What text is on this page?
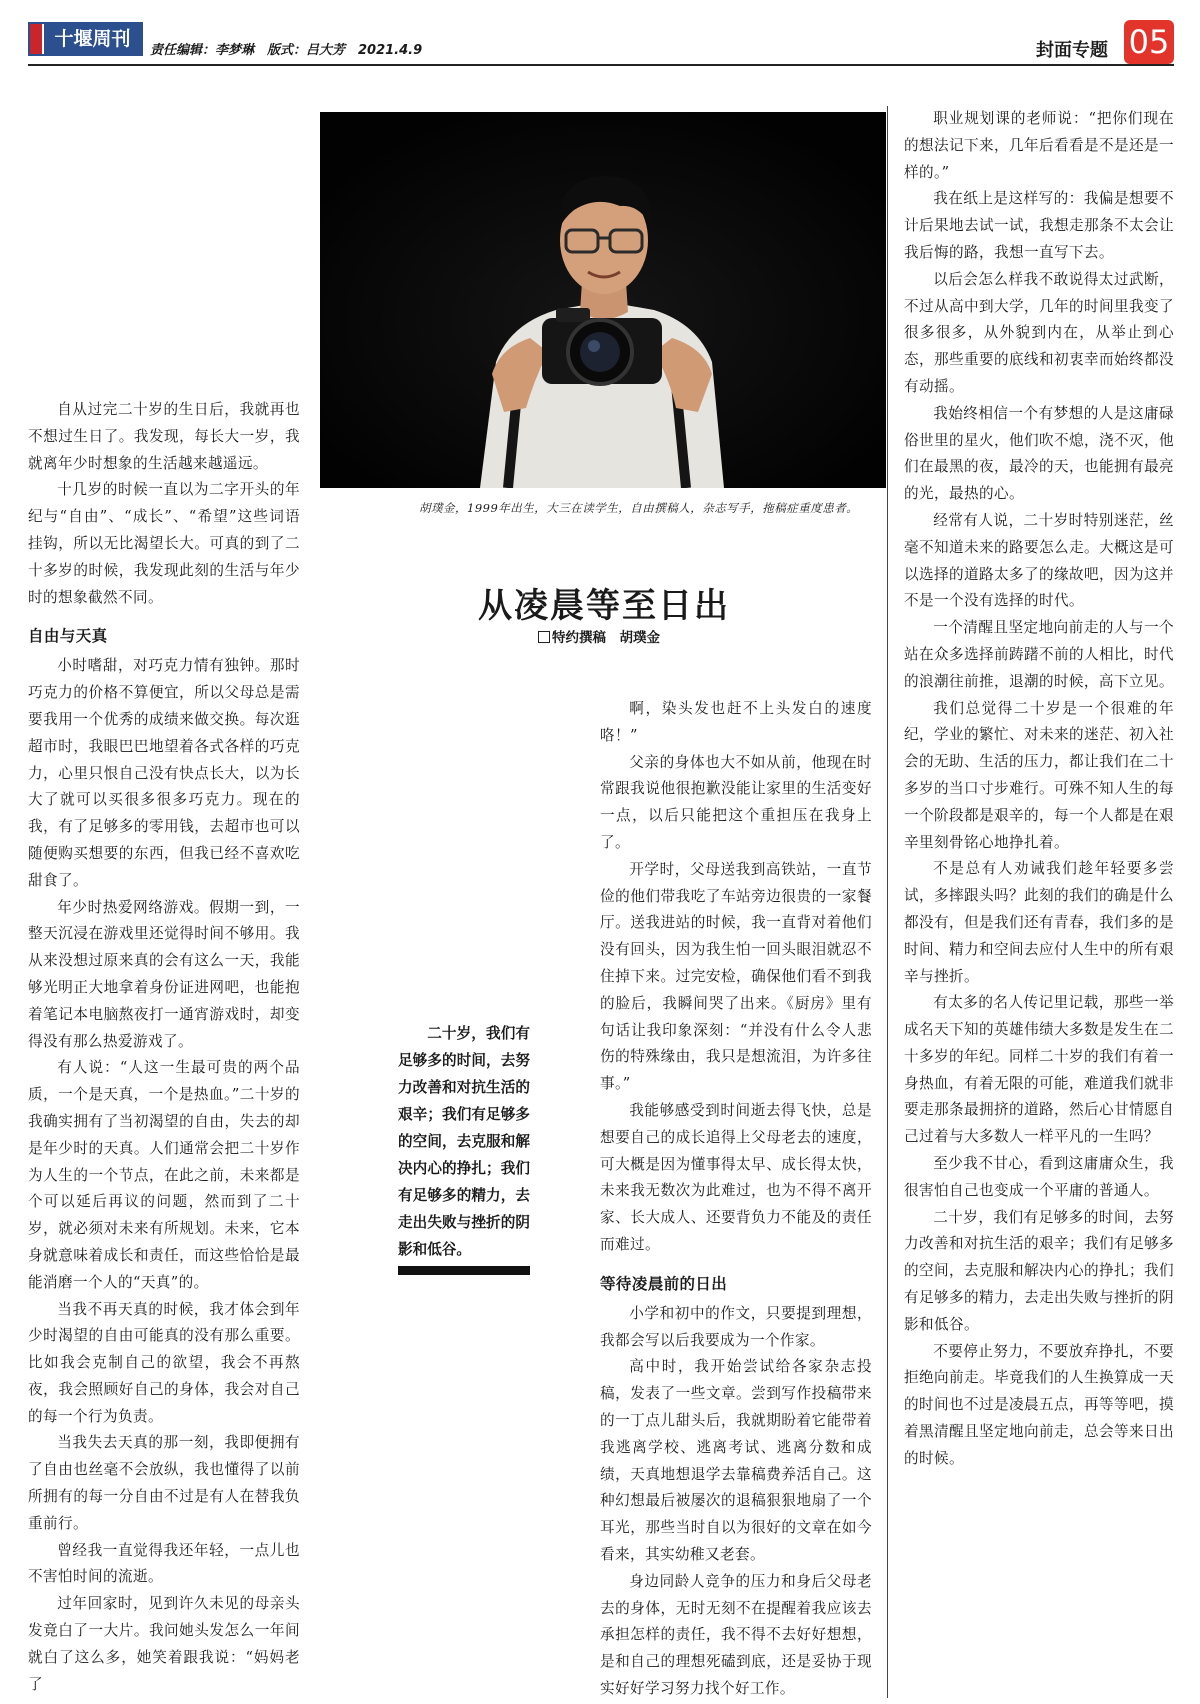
十堰周刊
责任编辑：李梦琳　版式：吕大芳　2021.4.9	封面专题 05
胡璞金，1999年出生，大三在读学生，自由撰稿人，杂志写手，拖稿症重度患者。
从凌晨等至日出
特约撰稿　胡璞金

自从过完二十岁的生日后，我就再也不想过生日了。我发现，每长大一岁，我就离年少时想象的生活越来越遥远。

十几岁的时候一直以为二字开头的年纪与“自由”、“成长”、“希望”这些词语挂钩，所以无比渴望长大。可真的到了二十多岁的时候，我发现此刻的生活与年少时的想象截然不同。

自由与天真

小时嗜甜，对巧克力情有独钟。那时巧克力的价格不算便宜，所以父母总是需要我用一个优秀的成绩来做交换。每次逛超市时，我眼巴巴地望着各式各样的巧克力，心里只恨自己没有快点长大，以为长大了就可以买很多很多巧克力。现在的我，有了足够多的零用钱，去超市也可以随便购买想要的东西，但我已经不喜欢吃甜食了。

年少时热爱网络游戏。假期一到，一整天沉浸在游戏里还觉得时间不够用。我从来没想过原来真的会有这么一天，我能够光明正大地拿着身份证进网吧，也能抱着笔记本电脑熬夜打一通宵游戏时，却变得没有那么热爱游戏了。

有人说：“人这一生最可贵的两个品质，一个是天真，一个是热血。”二十岁的我确实拥有了当初渴望的自由，失去的却是年少时的天真。人们通常会把二十岁作为人生的一个节点，在此之前，未来都是个可以延后再议的问题，然而到了二十岁，就必须对未来有所规划。未来，它本身就意味着成长和责任，而这些恰恰是最能消磨一个人的“天真”的。

当我不再天真的时候，我才体会到年少时渴望的自由可能真的没有那么重要。比如我会克制自己的欲望，我会不再熬夜，我会照顾好自己的身体，我会对自己的每一个行为负责。

当我失去天真的那一刻，我即便拥有了自由也丝毫不会放纵，我也懂得了以前所拥有的每一分自由不过是有人在替我负重前行。

曾经我一直觉得我还年轻，一点儿也不害怕时间的流逝。

过年回家时，见到许久未见的母亲头发竟白了一大片。我问她头发怎么一年间就白了这么多，她笑着跟我说：“妈妈老了

二十岁，我们有足够多的时间，去努力改善和对抗生活的艰辛；我们有足够多的空间，去克服和解决内心的挣扎；我们有足够多的精力，去走出失败与挫折的阴影和低谷。

啊，染头发也赶不上头发白的速度咯！”

父亲的身体也大不如从前，他现在时常跟我说他很抱歉没能让家里的生活变好一点，以后只能把这个重担压在我身上了。

开学时，父母送我到高铁站，一直节俭的他们带我吃了车站旁边很贵的一家餐厅。送我进站的时候，我一直背对着他们没有回头，因为我生怕一回头眼泪就忍不住掉下来。过完安检，确保他们看不到我的脸后，我瞬间哭了出来。《厨房》里有句话让我印象深刻：“并没有什么令人悲伤的特殊缘由，我只是想流泪，为许多往事。”

我能够感受到时间逝去得飞快，总是想要自己的成长追得上父母老去的速度，可大概是因为懂事得太早、成长得太快，未来我无数次为此难过，也为不得不离开家、长大成人、还要背负力不能及的责任而难过。

等待凌晨前的日出

小学和初中的作文，只要提到理想，我都会写以后我要成为一个作家。

高中时，我开始尝试给各家杂志投稿，发表了一些文章。尝到写作投稿带来的一丁点儿甜头后，我就期盼着它能带着我逃离学校、逃离考试、逃离分数和成绩，天真地想退学去靠稿费养活自己。这种幻想最后被屡次的退稿狠狠地扇了一个耳光，那些当时自以为很好的文章在如今看来，其实幼稚又老套。

身边同龄人竞争的压力和身后父母老去的身体，无时无刻不在提醒着我应该去承担怎样的责任，我不得不去好好想想，是和自己的理想死磕到底，还是妥协于现实好好学习努力找个好工作。

职业规划课的老师说：“把你们现在的想法记下来，几年后看看是不是还是一样的。”

我在纸上是这样写的：我偏是想要不计后果地去试一试，我想走那条不太会让我后悔的路，我想一直写下去。

以后会怎么样我不敢说得太过武断，不过从高中到大学，几年的时间里我变了很多很多，从外貌到内在，从举止到心态，那些重要的底线和初衷幸而始终都没有动摇。

我始终相信一个有梦想的人是这庸碌俗世里的星火，他们吹不熄，浇不灭，他们在最黑的夜，最冷的天，也能拥有最亮的光，最热的心。

经常有人说，二十岁时特别迷茫，丝毫不知道未来的路要怎么走。大概这是可以选择的道路太多了的缘故吧，因为这并不是一个没有选择的时代。

一个清醒且坚定地向前走的人与一个站在众多选择前踌躇不前的人相比，时代的浪潮往前推，退潮的时候，高下立见。

我们总觉得二十岁是一个很难的年纪，学业的繁忙、对未来的迷茫、初入社会的无助、生活的压力，都让我们在二十多岁的当口寸步难行。可殊不知人生的每一个阶段都是艰辛的，每一个人都是在艰辛里刻骨铭心地挣扎着。

不是总有人劝诫我们趁年轻要多尝试，多摔跟头吗？此刻的我们的确是什么都没有，但是我们还有青春，我们多的是时间、精力和空间去应付人生中的所有艰辛与挫折。

有太多的名人传记里记载，那些一举成名天下知的英雄伟绩大多数是发生在二十多岁的年纪。同样二十岁的我们有着一身热血，有着无限的可能，难道我们就非要走那条最拥挤的道路，然后心甘情愿自己过着与大多数人一样平凡的一生吗？

至少我不甘心，看到这庸庸众生，我很害怕自己也变成一个平庸的普通人。

二十岁，我们有足够多的时间，去努力改善和对抗生活的艰辛；我们有足够多的空间，去克服和解决内心的挣扎；我们有足够多的精力，去走出失败与挫折的阴影和低谷。

不要停止努力，不要放弃挣扎，不要拒绝向前走。毕竟我们的人生换算成一天的时间也不过是凌晨五点，再等等吧，摸着黑清醒且坚定地向前走，总会等来日出的时候。
